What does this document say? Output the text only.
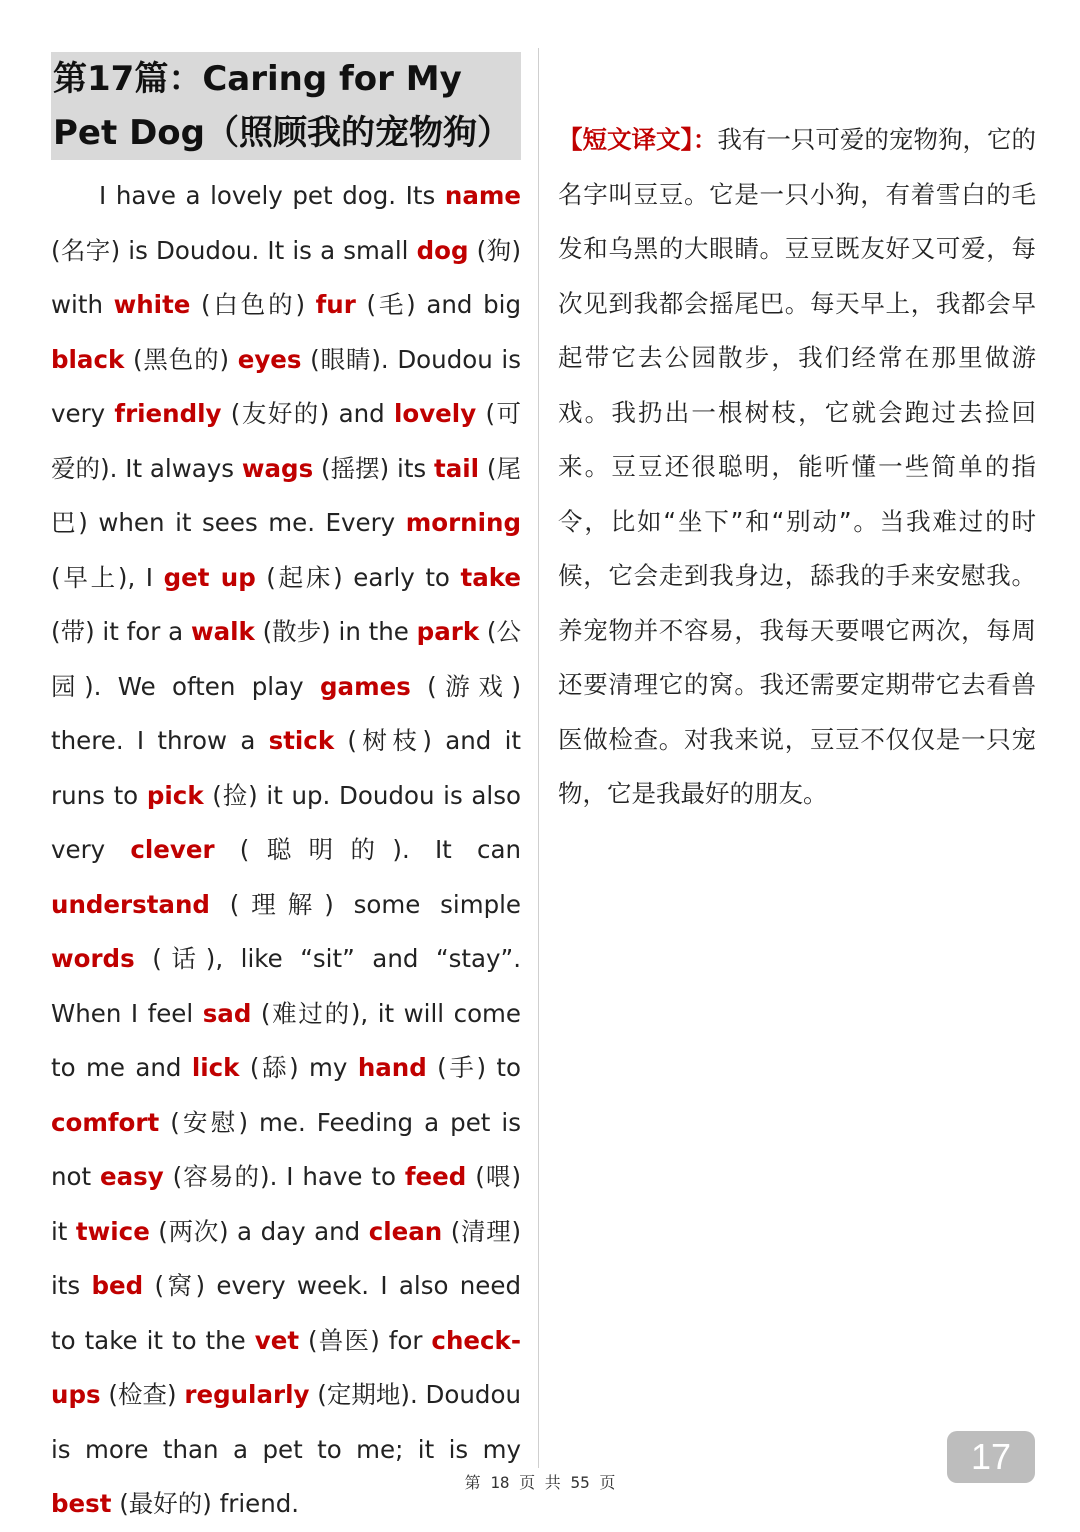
第17篇：Caring for My Pet Dog（照顾我的宠物狗）

I have a lovely pet dog. Its name (名字) is Doudou. It is a small dog (狗) with white (白色的) fur (毛) and big black (黑色的) eyes (眼睛). Doudou is very friendly (友好的) and lovely (可爱的). It always wags (摇摆) its tail (尾巴) when it sees me. Every morning (早上), I get up (起床) early to take (带) it for a walk (散步) in the park (公园). We often play games (游戏) there. I throw a stick (树枝) and it runs to pick (捡) it up. Doudou is also very clever (聪明的). It can understand (理解) some simple words (话), like “sit” and “stay”. When I feel sad (难过的), it will come to me and lick (舔) my hand (手) to comfort (安慰) me. Feeding a pet is not easy (容易的). I have to feed (喂) it twice (两次) a day and clean (清理) its bed (窝) every week. I also need to take it to the vet (兽医) for check-ups (检查) regularly (定期地). Doudou is more than a pet to me; it is my best (最好的) friend.

【短文译文】：我有一只可爱的宠物狗，它的名字叫豆豆。它是一只小狗，有着雪白的毛发和乌黑的大眼睛。豆豆既友好又可爱，每次见到我都会摇尾巴。每天早上，我都会早起带它去公园散步，我们经常在那里做游戏。我扔出一根树枝，它就会跑过去捡回来。豆豆还很聪明，能听懂一些简单的指令，比如“坐下”和“别动”。当我难过的时候，它会走到我身边，舔我的手来安慰我。养宠物并不容易，我每天要喂它两次，每周还要清理它的窝。我还需要定期带它去看兽医做检查。对我来说，豆豆不仅仅是一只宠物，它是我最好的朋友。

第 18 页 共 55 页
17
